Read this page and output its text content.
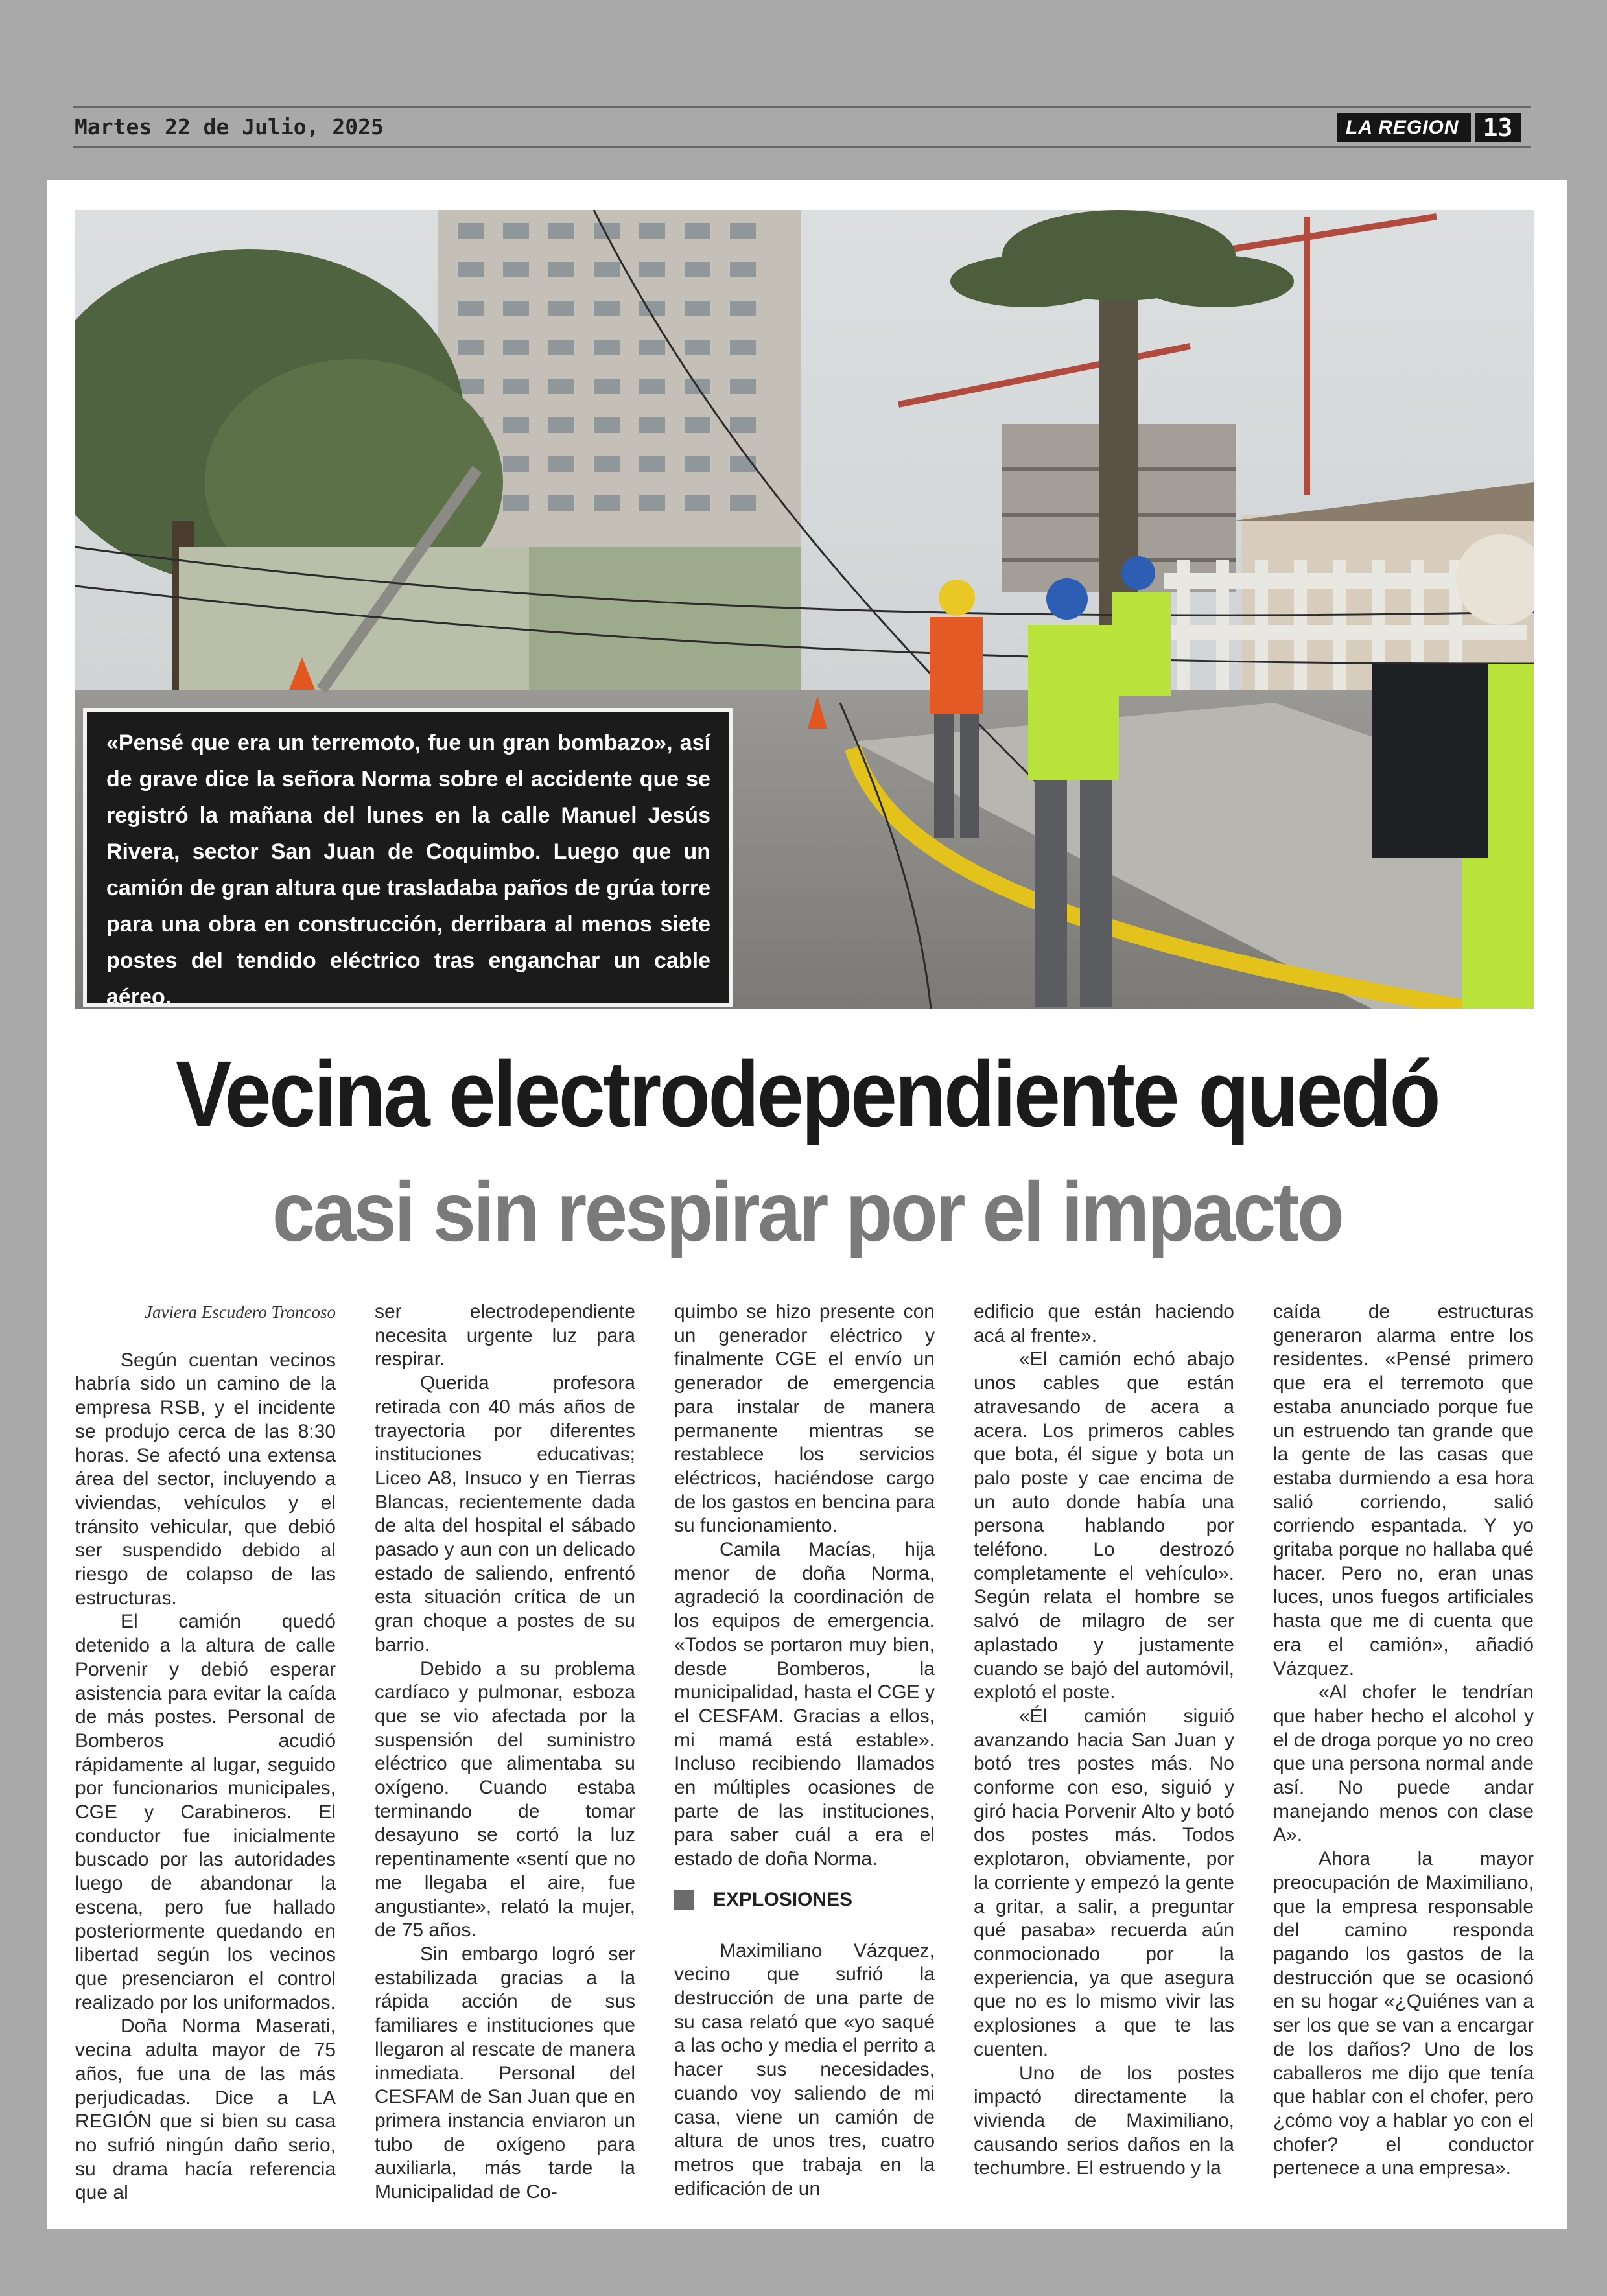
Martes 22 de Julio, 2025	LA REGION 13
«Pensé que era un terremoto, fue un gran bombazo», así de grave dice la señora Norma sobre el accidente que se registró la mañana del lunes en la calle Manuel Jesús Rivera, sector San Juan de Coquimbo. Luego que un camión de gran altura que trasladaba paños de grúa torre para una obra en construcción, derribara al menos siete postes del tendido eléctrico tras enganchar un cable aéreo.
Vecina electrodependiente quedó
casi sin respirar por el impacto
Javiera Escudero Troncoso

Según cuentan vecinos habría sido un camino de la empresa RSB, y el incidente se produjo cerca de las 8:30 horas. Se afectó una extensa área del sector, incluyendo a viviendas, vehículos y el tránsito vehicular, que debió ser suspendido debido al riesgo de colapso de las estructuras.

El camión quedó detenido a la altura de calle Porvenir y debió esperar asistencia para evitar la caída de más postes. Personal de Bomberos acudió rápidamente al lugar, seguido por funcionarios municipales, CGE y Carabineros. El conductor fue inicialmente buscado por las autoridades luego de abandonar la escena, pero fue hallado posteriormente quedando en libertad según los vecinos que presenciaron el control realizado por los uniformados.

Doña Norma Maserati, vecina adulta mayor de 75 años, fue una de las más perjudicadas. Dice a LA REGIÓN que si bien su casa no sufrió ningún daño serio, su drama hacía referencia que al

ser electrodependiente necesita urgente luz para respirar.

Querida profesora retirada con 40 más años de trayectoria por diferentes instituciones educativas; Liceo A8, Insuco y en Tierras Blancas, recientemente dada de alta del hospital el sábado pasado y aun con un delicado estado de saliendo, enfrentó esta situación crítica de un gran choque a postes de su barrio.

Debido a su problema cardíaco y pulmonar, esboza que se vio afectada por la suspensión del suministro eléctrico que alimentaba su oxígeno. Cuando estaba terminando de tomar desayuno se cortó la luz repentinamente «sentí que no me llegaba el aire, fue angustiante», relató la mujer, de 75 años.

Sin embargo logró ser estabilizada gracias a la rápida acción de sus familiares e instituciones que llegaron al rescate de manera inmediata. Personal del CESFAM de San Juan que en primera instancia enviaron un tubo de oxígeno para auxiliarla, más tarde la Municipalidad de Co-

quimbo se hizo presente con un generador eléctrico y finalmente CGE el envío un generador de emergencia para instalar de manera permanente mientras se restablece los servicios eléctricos, haciéndose cargo de los gastos en bencina para su funcionamiento.

Camila Macías, hija menor de doña Norma, agradeció la coordinación de los equipos de emergencia. «Todos se portaron muy bien, desde Bomberos, la municipalidad, hasta el CGE y el CESFAM. Gracias a ellos, mi mamá está estable». Incluso recibiendo llamados en múltiples ocasiones de parte de las instituciones, para saber cuál a era el estado de doña Norma.

EXPLOSIONES

Maximiliano Vázquez, vecino que sufrió la destrucción de una parte de su casa relató que «yo saqué a las ocho y media el perrito a hacer sus necesidades, cuando voy saliendo de mi casa, viene un camión de altura de unos tres, cuatro metros que trabaja en la edificación de un

edificio que están haciendo acá al frente».

«El camión echó abajo unos cables que están atravesando de acera a acera. Los primeros cables que bota, él sigue y bota un palo poste y cae encima de un auto donde había una persona hablando por teléfono. Lo destrozó completamente el vehículo». Según relata el hombre se salvó de milagro de ser aplastado y justamente cuando se bajó del automóvil, explotó el poste.

«Él camión siguió avanzando hacia San Juan y botó tres postes más. No conforme con eso, siguió y giró hacia Porvenir Alto y botó dos postes más. Todos explotaron, obviamente, por la corriente y empezó la gente a gritar, a salir, a preguntar qué pasaba» recuerda aún conmocionado por la experiencia, ya que asegura que no es lo mismo vivir las explosiones a que te las cuenten.

Uno de los postes impactó directamente la vivienda de Maximiliano, causando serios daños en la techumbre. El estruendo y la

caída de estructuras generaron alarma entre los residentes. «Pensé primero que era el terremoto que estaba anunciado porque fue un estruendo tan grande que la gente de las casas que estaba durmiendo a esa hora salió corriendo, salió corriendo espantada. Y yo gritaba porque no hallaba qué hacer. Pero no, eran unas luces, unos fuegos artificiales hasta que me di cuenta que era el camión», añadió Vázquez.

«Al chofer le tendrían que haber hecho el alcohol y el de droga porque yo no creo que una persona normal ande así. No puede andar manejando menos con clase A».

Ahora la mayor preocupación de Maximiliano, que la empresa responsable del camino responda pagando los gastos de la destrucción que se ocasionó en su hogar «¿Quiénes van a ser los que se van a encargar de los daños? Uno de los caballeros me dijo que tenía que hablar con el chofer, pero ¿cómo voy a hablar yo con el chofer? el conductor pertenece a una empresa».
